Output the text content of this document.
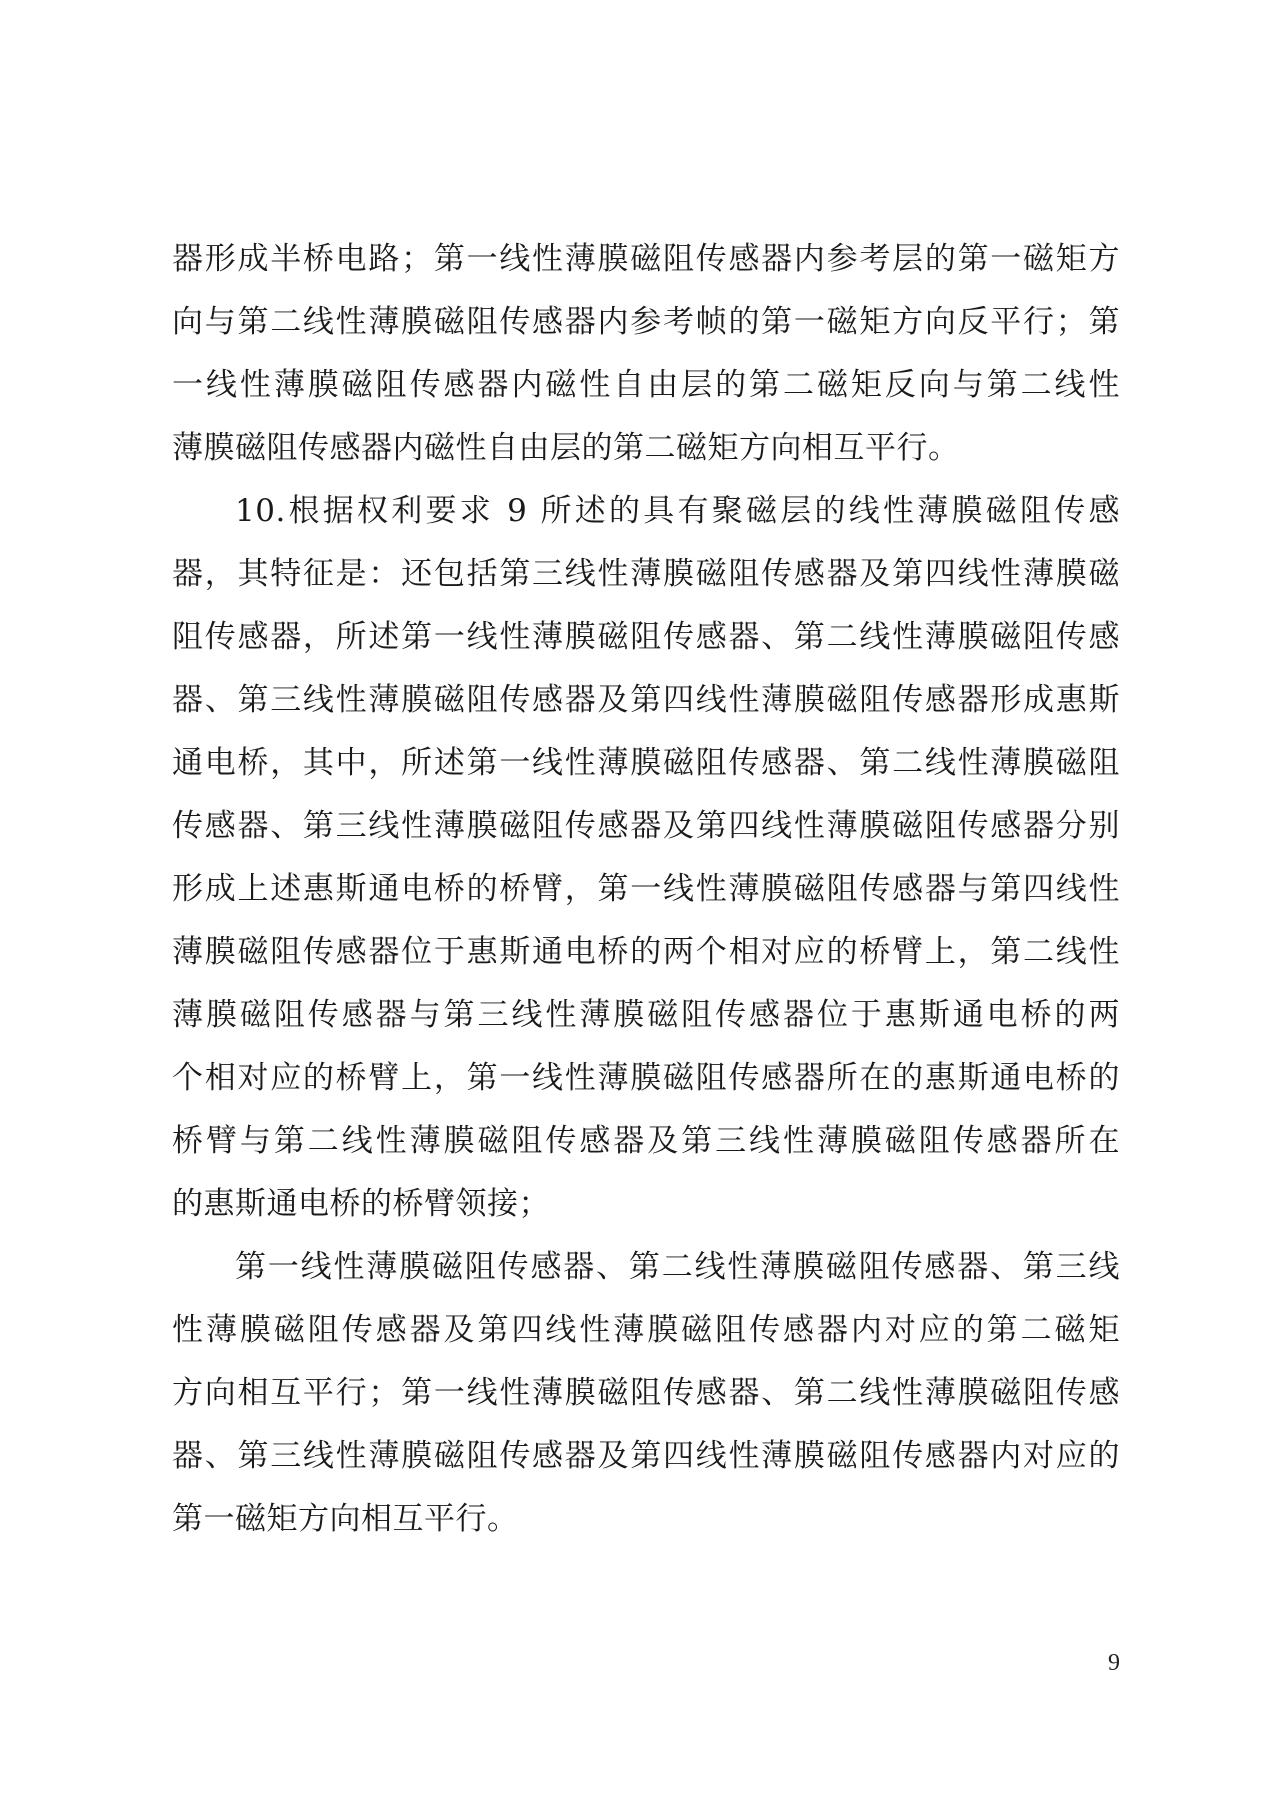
器形成半桥电路；第一线性薄膜磁阻传感器内参考层的第一磁矩方
向与第二线性薄膜磁阻传感器内参考帧的第一磁矩方向反平行；第
一线性薄膜磁阻传感器内磁性自由层的第二磁矩反向与第二线性
薄膜磁阻传感器内磁性自由层的第二磁矩方向相互平行。
10.根据权利要求 9 所述的具有聚磁层的线性薄膜磁阻传感
器，其特征是：还包括第三线性薄膜磁阻传感器及第四线性薄膜磁
阻传感器，所述第一线性薄膜磁阻传感器、第二线性薄膜磁阻传感
器、第三线性薄膜磁阻传感器及第四线性薄膜磁阻传感器形成惠斯
通电桥，其中，所述第一线性薄膜磁阻传感器、第二线性薄膜磁阻
传感器、第三线性薄膜磁阻传感器及第四线性薄膜磁阻传感器分别
形成上述惠斯通电桥的桥臂，第一线性薄膜磁阻传感器与第四线性
薄膜磁阻传感器位于惠斯通电桥的两个相对应的桥臂上，第二线性
薄膜磁阻传感器与第三线性薄膜磁阻传感器位于惠斯通电桥的两
个相对应的桥臂上，第一线性薄膜磁阻传感器所在的惠斯通电桥的
桥臂与第二线性薄膜磁阻传感器及第三线性薄膜磁阻传感器所在
的惠斯通电桥的桥臂领接；
第一线性薄膜磁阻传感器、第二线性薄膜磁阻传感器、第三线
性薄膜磁阻传感器及第四线性薄膜磁阻传感器内对应的第二磁矩
方向相互平行；第一线性薄膜磁阻传感器、第二线性薄膜磁阻传感
器、第三线性薄膜磁阻传感器及第四线性薄膜磁阻传感器内对应的
第一磁矩方向相互平行。
9
